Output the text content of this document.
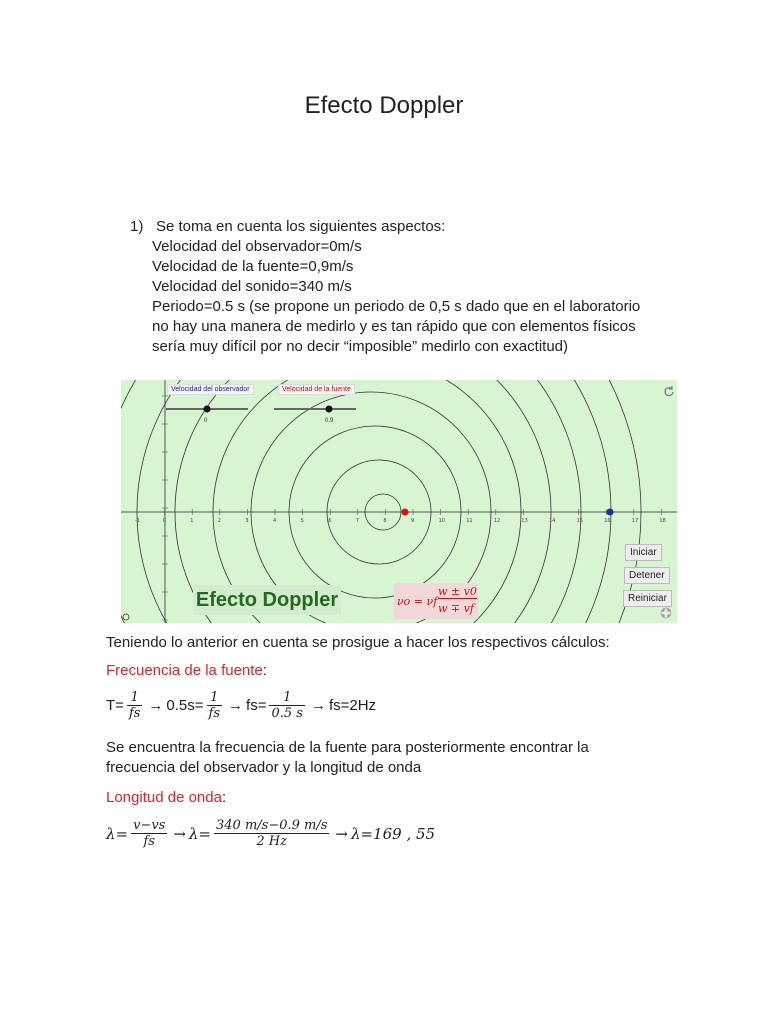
Efecto Doppler
1) Se toma en cuenta los siguientes aspectos:
Velocidad del observador=0m/s
Velocidad de la fuente=0,9m/s
Velocidad del sonido=340 m/s
Periodo=0.5 s (se propone un periodo de 0,5 s dado que en el laboratorio
no hay una manera de medirlo y es tan rápido que con elementos físicos
sería muy difícil por no decir “imposible” medirlo con exactitud)
-1	0	1	2	3	4	5	6	7	8	9	10	11	12	13	14	15	16	17	18
Velocidad del observador	Velocidad de la fuente
0	0.9
Iniciar
Detener
Reiniciar
Efecto Doppler	νo = νf
w ± v0
w ∓ vf
Teniendo lo anterior en cuenta se prosigue a hacer los respectivos cálculos:
Frecuencia de la fuente:
$T= \frac{1}{fs} \to 0.5s= \frac{1}{fs} \to fs= \frac{1}{0.5 s} \to fs=2Hz$
Se encuentra la frecuencia de la fuente para posteriormente encontrar la
frecuencia del observador y la longitud de onda
Longitud de onda:
$\lambda= \frac{v-vs}{fs} \to \lambda= \frac{340 m/s-0.9 m/s}{2 Hz} \to \lambda=169$ , 55
